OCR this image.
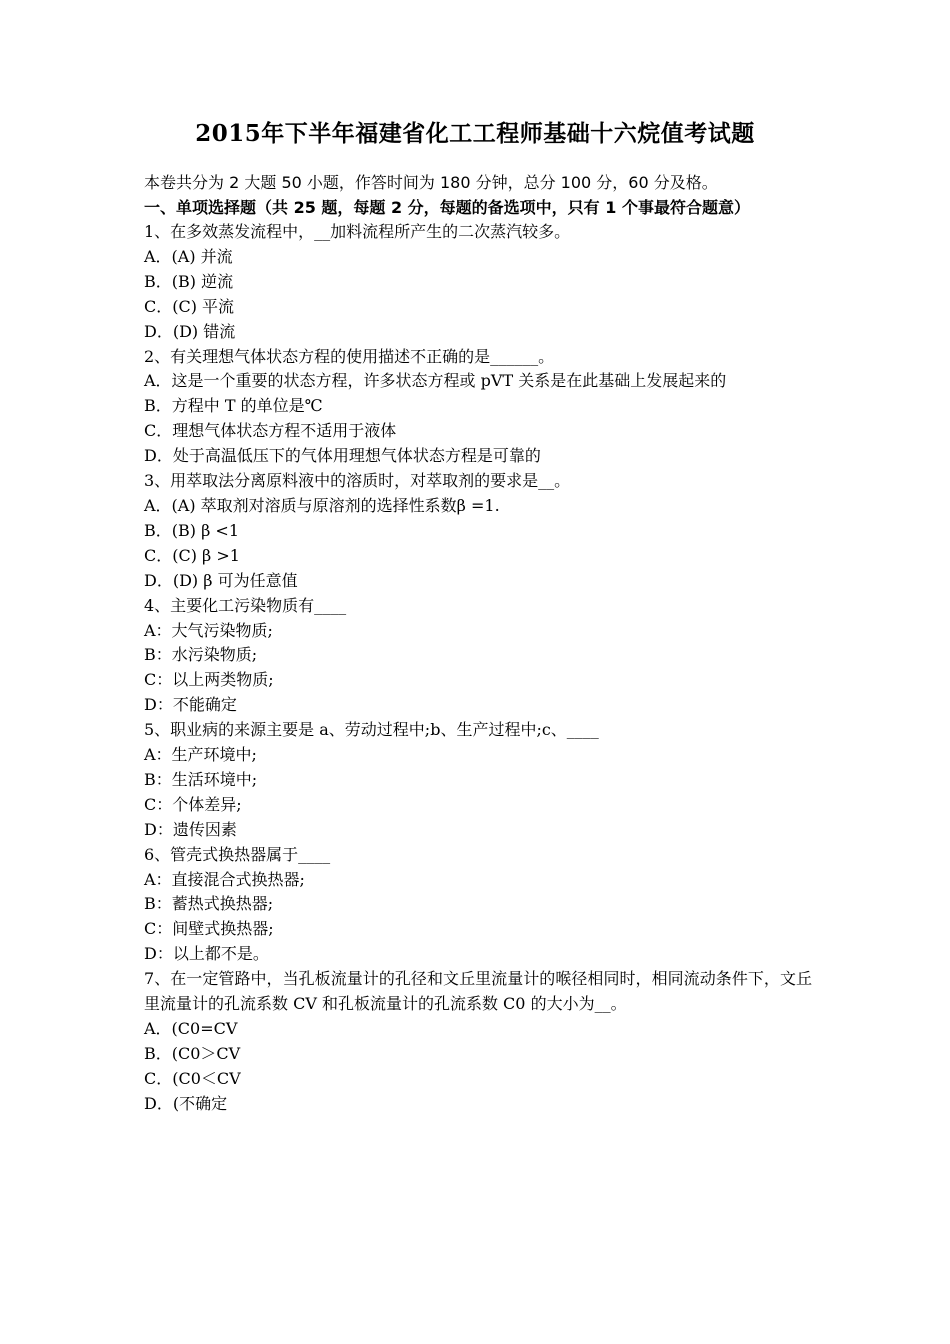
2015年下半年福建省化工工程师基础十六烷值考试题
本卷共分为 2 大题 50 小题，作答时间为 180 分钟，总分 100 分，60 分及格。
一、单项选择题（共 25 题，每题 2 分，每题的备选项中，只有 1 个事最符合题意）
1、在多效蒸发流程中，__加料流程所产生的二次蒸汽较多。
A．(A) 并流
B．(B) 逆流
C．(C) 平流
D．(D) 错流
2、有关理想气体状态方程的使用描述不正确的是______。
A．这是一个重要的状态方程，许多状态方程或 pVT 关系是在此基础上发展起来的
B．方程中 T 的单位是℃
C．理想气体状态方程不适用于液体
D．处于高温低压下的气体用理想气体状态方程是可靠的
3、用萃取法分离原料液中的溶质时，对萃取剂的要求是__。
A．(A) 萃取剂对溶质与原溶剂的选择性系数β =1.
B．(B) β <1
C．(C) β >1
D．(D) β 可为任意值
4、主要化工污染物质有____
A：大气污染物质;
B：水污染物质;
C：以上两类物质;
D：不能确定
5、职业病的来源主要是 a、劳动过程中;b、生产过程中;c、____
A：生产环境中;
B：生活环境中;
C：个体差异;
D：遗传因素
6、管壳式换热器属于____
A：直接混合式换热器;
B：蓄热式换热器;
C：间壁式换热器;
D：以上都不是。
7、在一定管路中，当孔板流量计的孔径和文丘里流量计的喉径相同时，相同流动条件下，文丘里流量计的孔流系数 CV 和孔板流量计的孔流系数 C0 的大小为__。
A．(C0=CV
B．(C0＞CV
C．(C0＜CV
D．(不确定
